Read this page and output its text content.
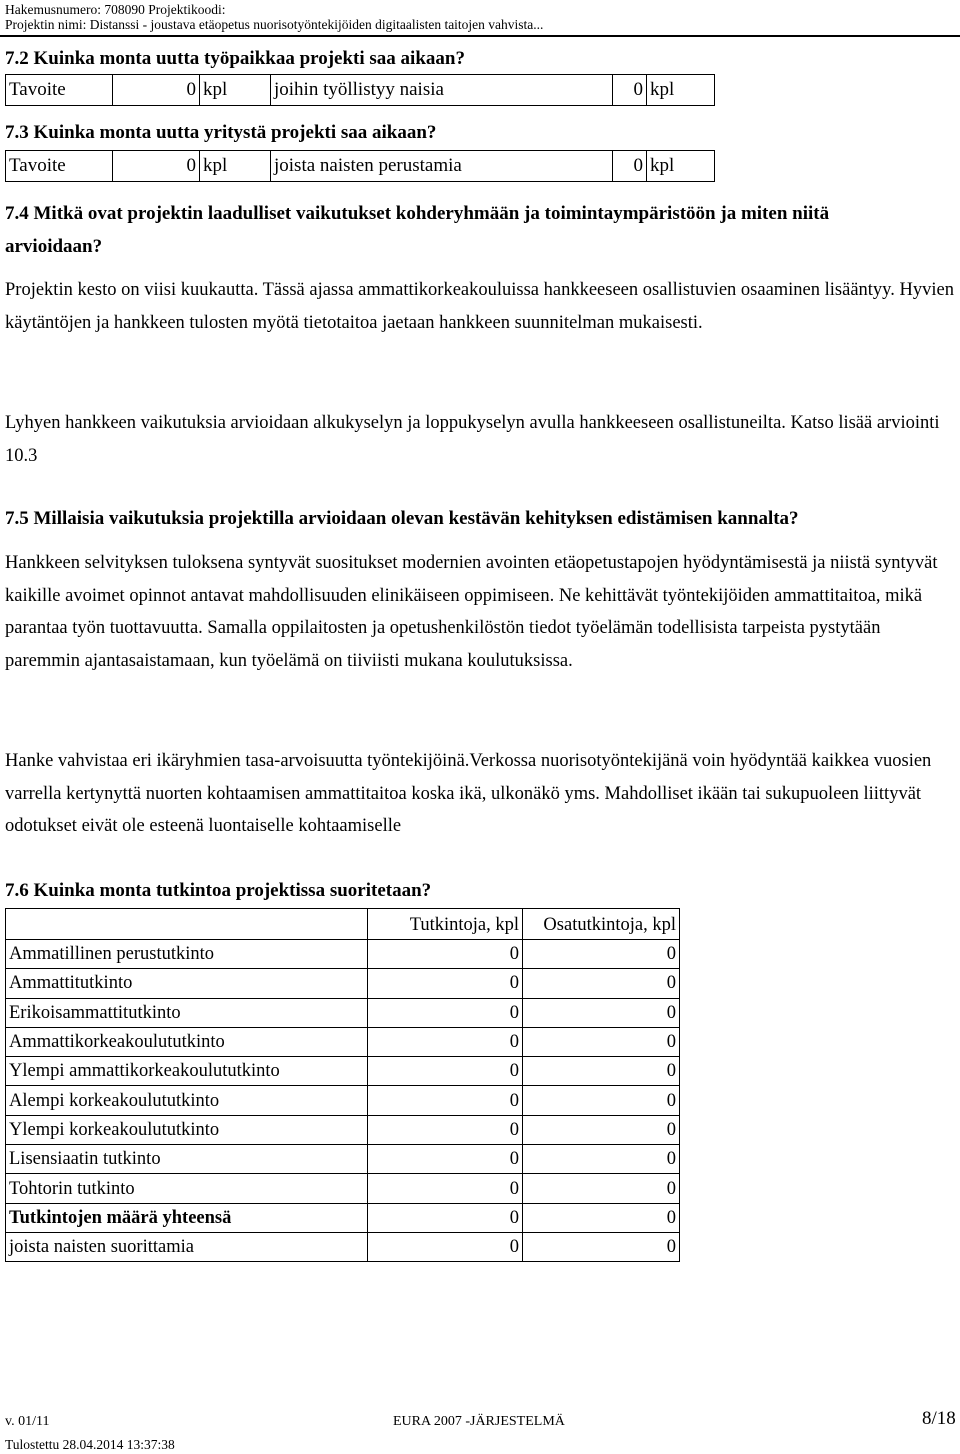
Hakemusnumero: 708090 Projektikoodi:
Projektin nimi: Distanssi - joustava etäopetus nuorisotyöntekijöiden digitaalisten taitojen vahvista...
7.2 Kuinka monta uutta työpaikkaa projekti saa aikaan?
Tavoite	0	kpl	joihin työllistyy naisia	0	kpl
7.3 Kuinka monta uutta yritystä projekti saa aikaan?
Tavoite	0	kpl	joista naisten perustamia	0	kpl
7.4 Mitkä ovat projektin laadulliset vaikutukset kohderyhmään ja toimintaympäristöön ja miten niitä
arvioidaan?
Projektin kesto on viisi kuukautta. Tässä ajassa ammattikorkeakouluissa hankkeeseen osallistuvien osaaminen lisääntyy. Hyvien käytäntöjen ja hankkeen tulosten myötä tietotaitoa jaetaan hankkeen suunnitelman mukaisesti.
Lyhyen hankkeen vaikutuksia arvioidaan alkukyselyn ja loppukyselyn avulla hankkeeseen osallistuneilta. Katso lisää arviointi 10.3
7.5 Millaisia vaikutuksia projektilla arvioidaan olevan kestävän kehityksen edistämisen kannalta?
Hankkeen selvityksen tuloksena syntyvät suositukset modernien avointen etäopetustapojen hyödyntämisestä ja niistä syntyvät kaikille avoimet opinnot antavat mahdollisuuden elinikäiseen oppimiseen. Ne kehittävät työntekijöiden ammattitaitoa, mikä parantaa työn tuottavuutta. Samalla oppilaitosten ja opetushenkilöstön tiedot työelämän todellisista tarpeista pystytään paremmin ajantasaistamaan, kun työelämä on tiiviisti mukana koulutuksissa.
Hanke vahvistaa eri ikäryhmien tasa-arvoisuutta työntekijöinä.Verkossa nuorisotyöntekijänä voin hyödyntää kaikkea vuosien varrella kertynyttä nuorten kohtaamisen ammattitaitoa koska ikä, ulkonäkö yms. Mahdolliset ikään tai sukupuoleen liittyvät odotukset eivät ole esteenä luontaiselle kohtaamiselle
7.6 Kuinka monta tutkintoa projektissa suoritetaan?
	Tutkintoja, kpl	Osatutkintoja, kpl
Ammatillinen perustutkinto	0	0
Ammattitutkinto	0	0
Erikoisammattitutkinto	0	0
Ammattikorkeakoulututkinto	0	0
Ylempi ammattikorkeakoulututkinto	0	0
Alempi korkeakoulututkinto	0	0
Ylempi korkeakoulututkinto	0	0
Lisensiaatin tutkinto	0	0
Tohtorin tutkinto	0	0
Tutkintojen määrä yhteensä	0	0
joista naisten suorittamia	0	0
v. 01/11	EURA 2007 -JÄRJESTELMÄ	8/18
Tulostettu 28.04.2014 13:37:38
